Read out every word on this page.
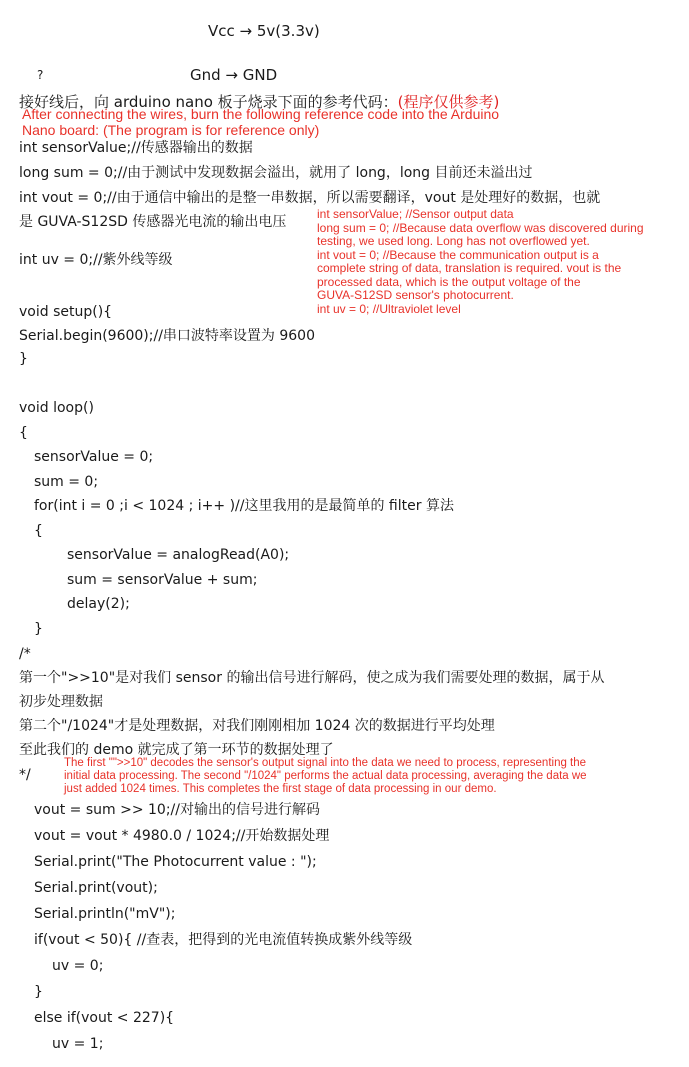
Vcc → 5v(3.3v)
?	Gnd → GND
接好线后，向 arduino nano 板子烧录下面的参考代码：(程序仅供参考)
After connecting the wires, burn the following reference code into the Arduino
Nano board: (The program is for reference only)
int sensorValue;//传感器输出的数据
long sum = 0;//由于测试中发现数据会溢出，就用了 long，long 目前还未溢出过
int vout = 0;//由于通信中输出的是整一串数据，所以需要翻译，vout 是处理好的数据，也就
是 GUVA-S12SD 传感器光电流的输出电压	int sensorValue; //Sensor output data
long sum = 0; //Because data overflow was discovered during
testing, we used long. Long has not overflowed yet.
int vout = 0; //Because the communication output is a
complete string of data, translation is required. vout is the
processed data, which is the output voltage of the
GUVA-S12SD sensor's photocurrent.
int uv = 0; //Ultraviolet level
int uv = 0;//紫外线等级
void setup(){
Serial.begin(9600);//串口波特率设置为 9600
}
void loop()
{
sensorValue = 0;
sum = 0;
for(int i = 0 ;i < 1024 ; i++ )//这里我用的是最简单的 filter 算法
{
sensorValue = analogRead(A0);
sum = sensorValue + sum;
delay(2);
}
/*
第一个">>10"是对我们 sensor 的输出信号进行解码，使之成为我们需要处理的数据，属于从
初步处理数据
第二个"/1024"才是处理数据，对我们刚刚相加 1024 次的数据进行平均处理
至此我们的 demo 就完成了第一环节的数据处理了
*/
The first "">>10" decodes the sensor's output signal into the data we need to process, representing the
initial data processing. The second "/1024" performs the actual data processing, averaging the data we
just added 1024 times. This completes the first stage of data processing in our demo.
vout = sum >> 10;//对输出的信号进行解码
vout = vout * 4980.0 / 1024;//开始数据处理
Serial.print("The Photocurrent value : ");
Serial.print(vout);
Serial.println("mV");
if(vout < 50){ //查表，把得到的光电流值转换成紫外线等级
uv = 0;
}
else if(vout < 227){
uv = 1;
